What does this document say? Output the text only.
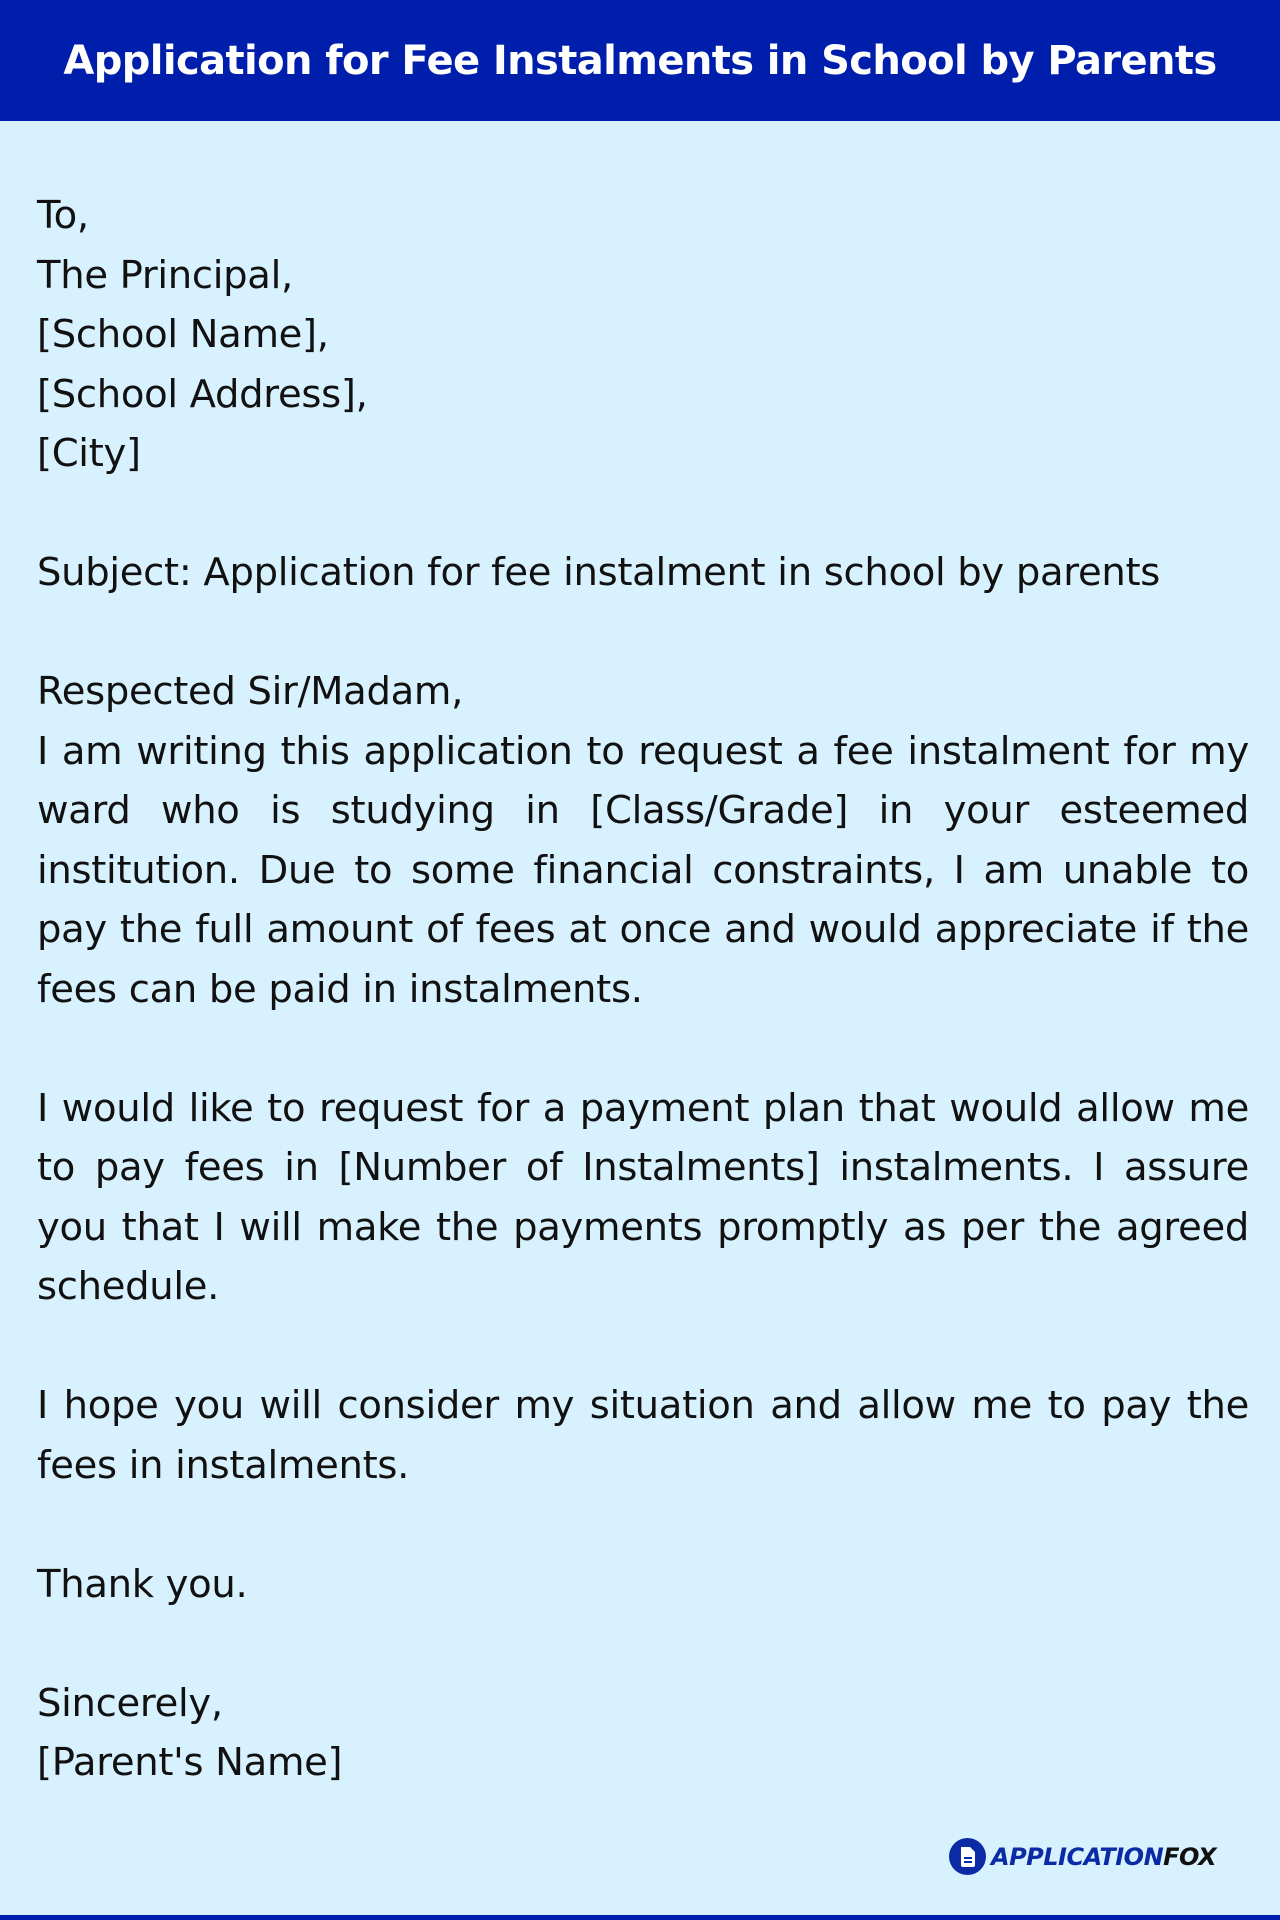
Application for Fee Instalments in School by Parents
To,
The Principal,
[School Name],
[School Address],
[City]

Subject: Application for fee instalment in school by parents

Respected Sir/Madam,

I am writing this application to request a fee instalment for my ward who is studying in [Class/Grade] in your esteemed institution. Due to some financial constraints, I am unable to pay the full amount of fees at once and would appreciate if the fees can be paid in instalments.

I would like to request for a payment plan that would allow me to pay fees in [Number of Instalments] instalments. I assure you that I will make the payments promptly as per the agreed schedule.

I hope you will consider my situation and allow me to pay the fees in instalments.

Thank you.
Sincerely,
[Parent's Name]
APPLICATIONFOX
